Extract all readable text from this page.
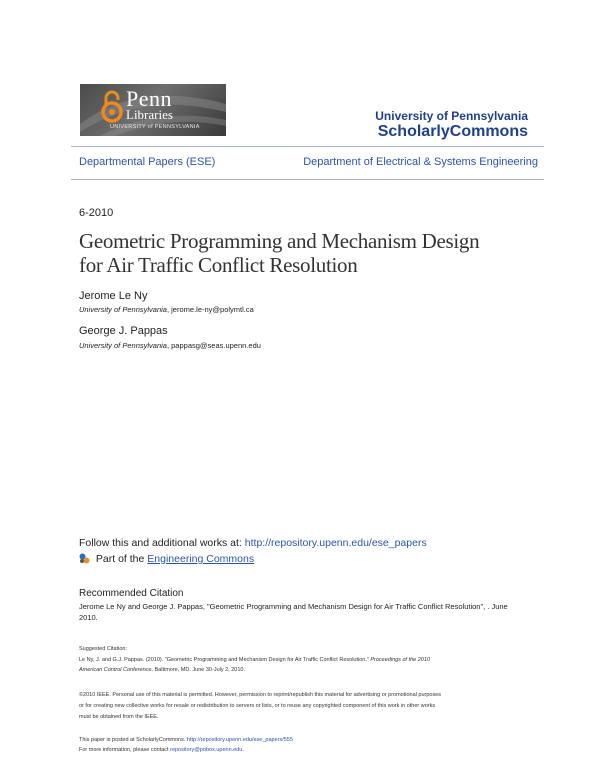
Penn
Libraries
UNIVERSITY of PENNSYLVANIA
University of Pennsylvania
ScholarlyCommons
Departmental Papers (ESE)	Department of Electrical & Systems Engineering
6-2010
Geometric Programming and Mechanism Design
for Air Traffic Conflict Resolution
Jerome Le Ny
University of Pennsylvania, jerome.le-ny@polymtl.ca
George J. Pappas
University of Pennsylvania, pappasg@seas.upenn.edu
Follow this and additional works at: http://repository.upenn.edu/ese_papers
Part of the Engineering Commons
Recommended Citation
Jerome Le Ny and George J. Pappas, "Geometric Programming and Mechanism Design for Air Traffic Conflict Resolution", . June
2010.
Suggested Citation:
Le Ny, J. and G.J. Pappas. (2010). "Geometric Programming and Mechanism Design for Air Traffic Conflict Resolution." Proceedings of the 2010
American Control Conference. Baltimore, MD. June 30-July 2, 2010.
©2010 IEEE. Personal use of this material is permitted. However, permission to reprint/republish this material for advertising or promotional purposes
or for creating new collective works for resale or redistribution to servers or lists, or to reuse any copyrighted component of this work in other works
must be obtained from the IEEE.
This paper is posted at ScholarlyCommons. http://repository.upenn.edu/ese_papers/555
For more information, please contact repository@pobox.upenn.edu.
